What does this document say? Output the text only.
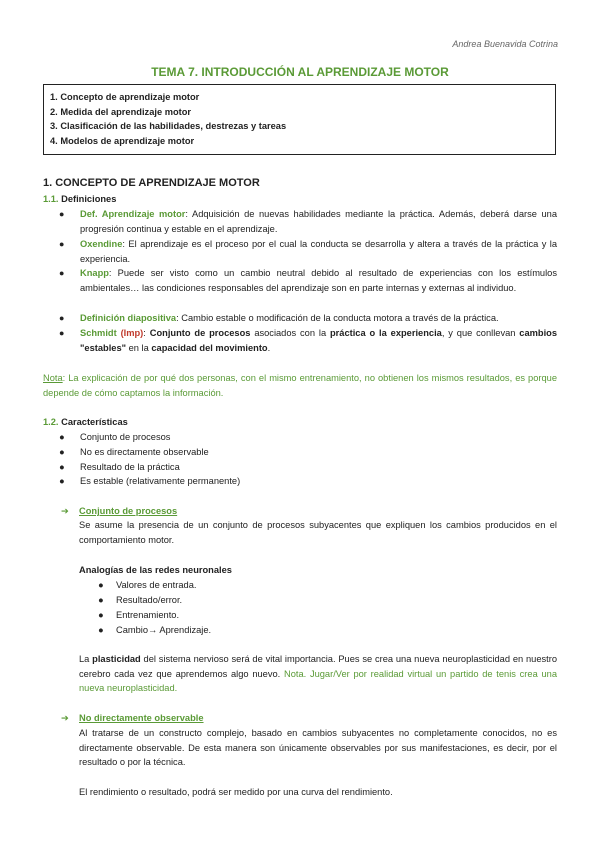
Andrea Buenavida Cotrina
TEMA 7. INTRODUCCIÓN AL APRENDIZAJE MOTOR
1. Concepto de aprendizaje motor
2. Medida del aprendizaje motor
3. Clasificación de las habilidades, destrezas y tareas
4. Modelos de aprendizaje motor
1. CONCEPTO DE APRENDIZAJE MOTOR
1.1. Definiciones
● Def. Aprendizaje motor: Adquisición de nuevas habilidades mediante la práctica. Además, deberá darse una progresión continua y estable en el aprendizaje.
● Oxendine: El aprendizaje es el proceso por el cual la conducta se desarrolla y altera a través de la práctica y la experiencia.
● Knapp: Puede ser visto como un cambio neutral debido al resultado de experiencias con los estímulos ambientales… las condiciones responsables del aprendizaje son en parte internas y externas al individuo.
● Definición diapositiva: Cambio estable o modificación de la conducta motora a través de la práctica.
● Schmidt (Imp): Conjunto de procesos asociados con la práctica o la experiencia, y que conllevan cambios "estables" en la capacidad del movimiento.
Nota: La explicación de por qué dos personas, con el mismo entrenamiento, no obtienen los mismos resultados, es porque depende de cómo captamos la información.
1.2. Características
● Conjunto de procesos
● No es directamente observable
● Resultado de la práctica
● Es estable (relativamente permanente)
➔ Conjunto de procesos
Se asume la presencia de un conjunto de procesos subyacentes que expliquen los cambios producidos en el comportamiento motor.
Analogías de las redes neuronales
● Valores de entrada.
● Resultado/error.
● Entrenamiento.
● Cambio→ Aprendizaje.
La plasticidad del sistema nervioso será de vital importancia. Pues se crea una nueva neuroplasticidad en nuestro cerebro cada vez que aprendemos algo nuevo. Nota. Jugar/Ver por realidad virtual un partido de tenis crea una nueva neuroplasticidad.
➔ No directamente observable
Al tratarse de un constructo complejo, basado en cambios subyacentes no completamente conocidos, no es directamente observable. De esta manera son únicamente observables por sus manifestaciones, es decir, por el resultado o por la técnica.
El rendimiento o resultado, podrá ser medido por una curva del rendimiento.
